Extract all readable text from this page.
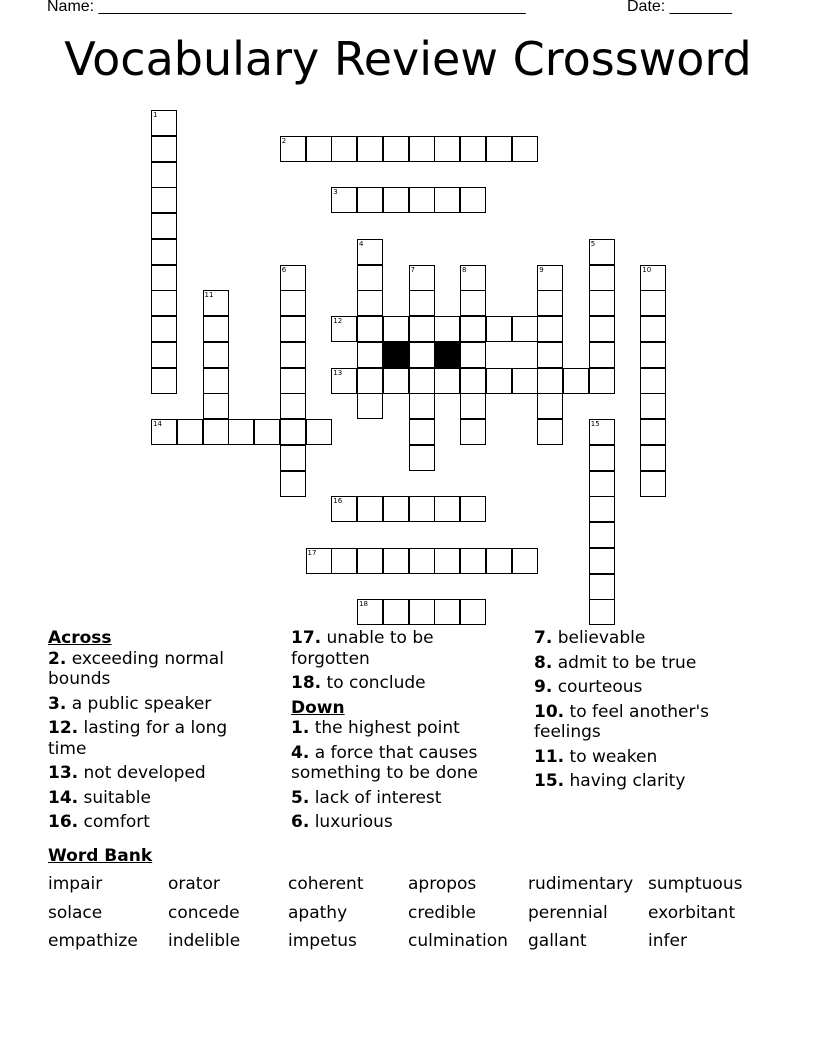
Name: ________________________________________________	Date: _______
Vocabulary Review Crossword
2
3
12
13
14
16
17
18
1
4	5
6	7	8	9	10
11
15
Across
2. exceeding normal
bounds
3. a public speaker
12. lasting for a long
time
13. not developed
14. suitable
16. comfort
17. unable to be
forgotten
18. to conclude
Down
1. the highest point
4. a force that causes
something to be done
5. lack of interest
6. luxurious
7. believable
8. admit to be true
9. courteous
10. to feel another's
feelings
11. to weaken
15. having clarity
Word Bank
impair	orator	coherent	apropos	rudimentary sumptuous
solace	concede	apathy	credible	perennial exorbitant
empathize indelible	impetus	culmination gallant	infer
